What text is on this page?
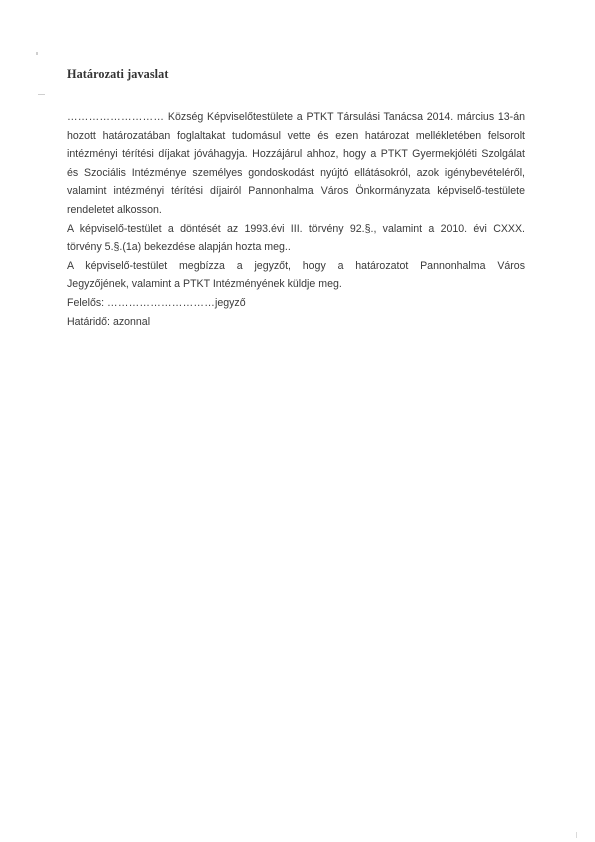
Határozati javaslat

……………………… Község Képviselőtestülete a PTKT Társulási Tanácsa 2014. március 13-án
hozott határozatában foglaltakat tudomásul vette és ezen határozat mellékletében felsorolt
intézményi térítési díjakat jóváhagyja. Hozzájárul ahhoz, hogy a PTKT Gyermekjóléti Szolgálat
és Szociális Intézménye személyes gondoskodást nyújtó ellátásokról, azok igénybevételéről,
valamint intézményi térítési díjairól Pannonhalma Város Önkormányzata képviselő-testülete
rendeletet alkosson.

A képviselő-testület a döntését az 1993.évi III. törvény 92.§., valamint a 2010. évi CXXX.
törvény 5.§.(1a) bekezdése alapján hozta meg..

A képviselő-testület megbízza a jegyzőt, hogy a határozatot Pannonhalma Város
Jegyzőjének, valamint a PTKT Intézményének küldje meg.

Felelős: …………………………jegyző

Határidő: azonnal
